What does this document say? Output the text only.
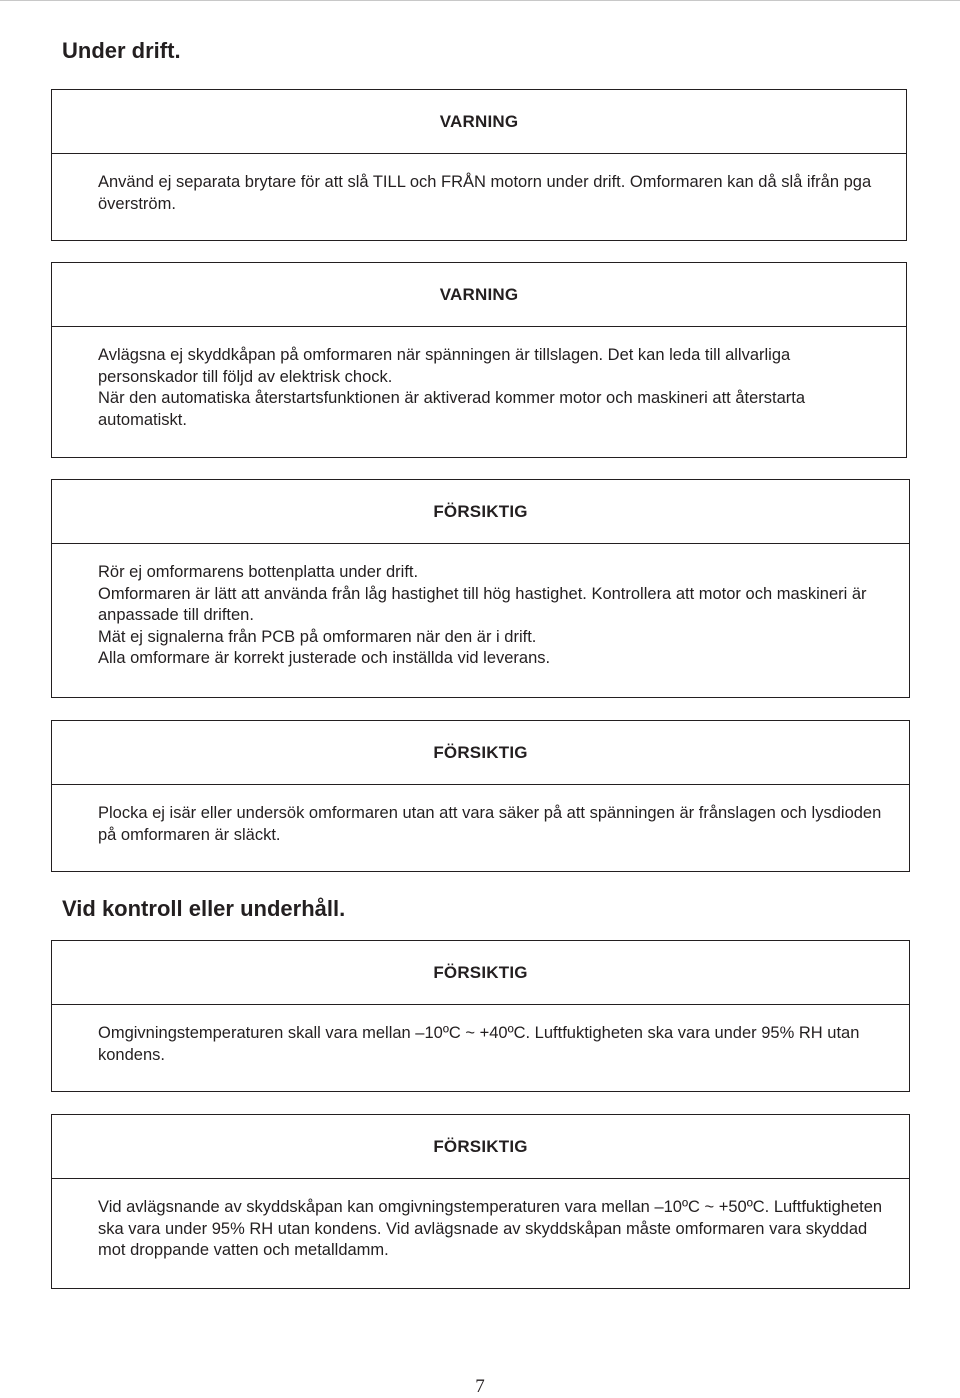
Under drift.
VARNING

Använd ej separata brytare för att slå TILL och FRÅN motorn under drift. Omformaren kan då slå ifrån pga överström.

VARNING

Avlägsna ej skyddkåpan på omformaren när spänningen är tillslagen. Det kan leda till allvarliga personskador till följd av elektrisk chock.

När den automatiska återstartsfunktionen är aktiverad kommer motor och maskineri att återstarta automatiskt.

FÖRSIKTIG

Rör ej omformarens bottenplatta under drift.

Omformaren är lätt att använda från låg hastighet till hög hastighet. Kontrollera att motor och maskineri är anpassade till driften.

Mät ej signalerna från PCB på omformaren när den är i drift.

Alla omformare är korrekt justerade och inställda vid leverans.

FÖRSIKTIG

Plocka ej isär eller undersök omformaren utan att vara säker på att spänningen är frånslagen och lysdioden på omformaren är släckt.

Vid kontroll eller underhåll.
FÖRSIKTIG

Omgivningstemperaturen skall vara mellan –10ºC ~ +40ºC. Luftfuktigheten ska vara under 95% RH utan kondens.

FÖRSIKTIG

Vid avlägsnande av skyddskåpan kan omgivningstemperaturen vara mellan –10ºC ~ +50ºC. Luftfuktigheten ska vara under 95% RH utan kondens. Vid avlägsnade av skyddskåpan måste omformaren vara skyddad mot droppande vatten och metalldamm.

7
